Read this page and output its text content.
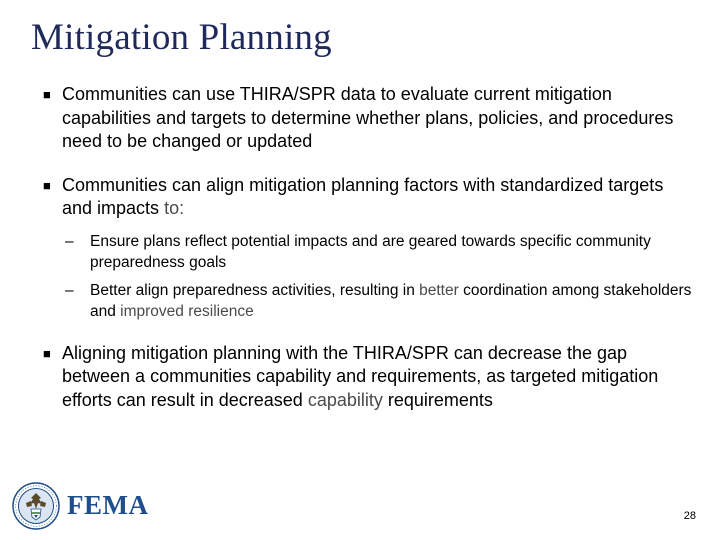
Mitigation Planning
■ Communities can use THIRA/SPR data to evaluate current mitigation capabilities and targets to determine whether plans, policies, and procedures need to be changed or updated
■ Communities can align mitigation planning factors with standardized targets and impacts to:
–	Ensure plans reflect potential impacts and are geared towards specific community preparedness goals
–	Better align preparedness activities, resulting in better coordination among stakeholders and improved resilience
■ Aligning mitigation planning with the THIRA/SPR can decrease the gap between a communities capability and requirements, as targeted mitigation efforts can result in decreased capability requirements
FEMA	28
